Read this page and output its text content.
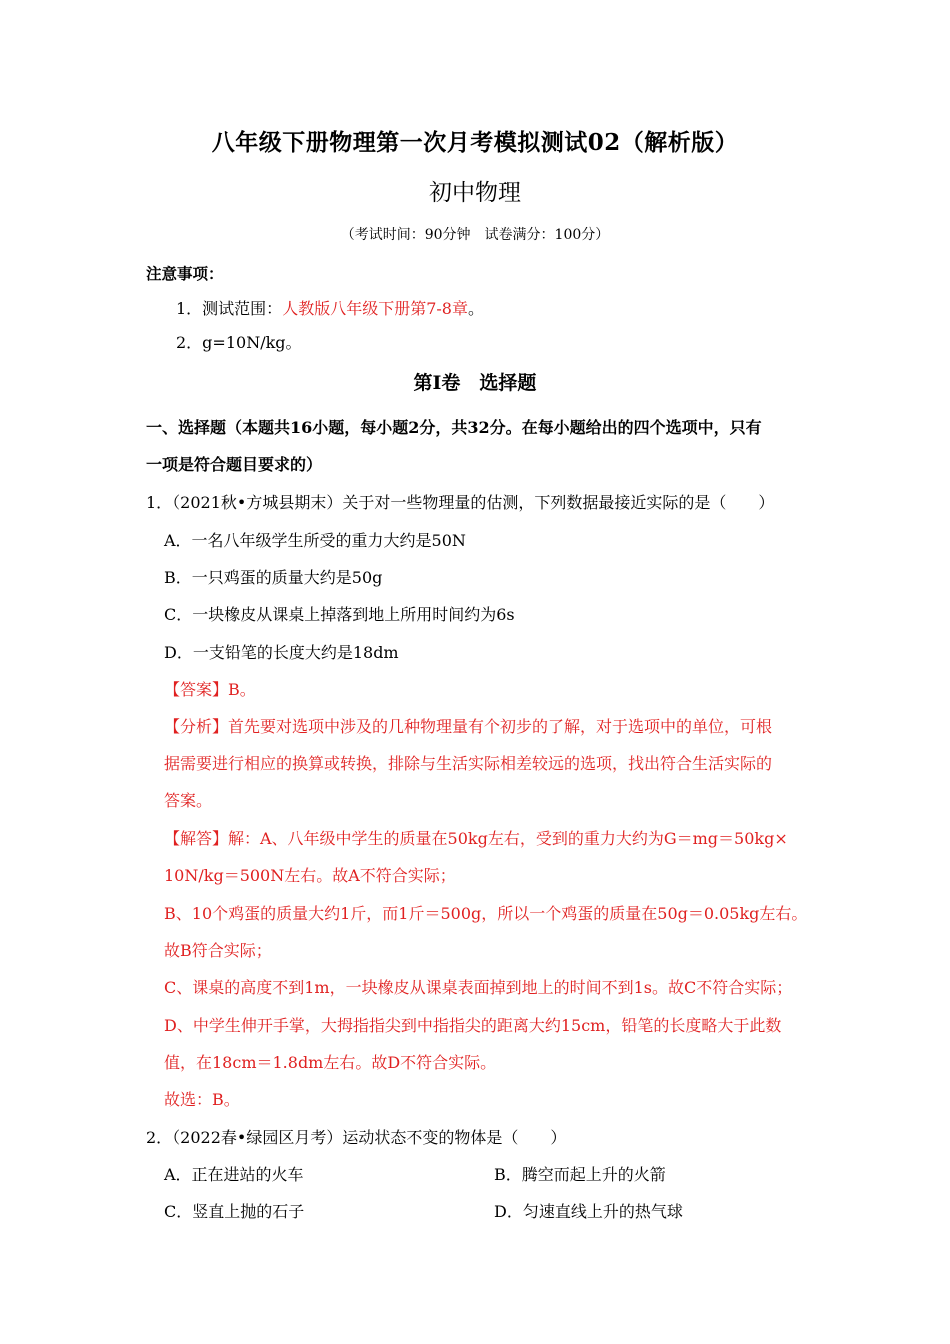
八年级下册物理第一次月考模拟测试02（解析版）
初中物理
（考试时间：90分钟　试卷满分：100分）
注意事项：
1．测试范围：人教版八年级下册第7-8章。
2．g=10N/kg。
第Ⅰ卷　选择题
一、选择题（本题共16小题，每小题2分，共32分。在每小题给出的四个选项中，只有
一项是符合题目要求的）
1．（2021秋•方城县期末）关于对一些物理量的估测，下列数据最接近实际的是（　　）
A．一名八年级学生所受的重力大约是50N
B．一只鸡蛋的质量大约是50g
C．一块橡皮从课桌上掉落到地上所用时间约为6s
D．一支铅笔的长度大约是18dm
【答案】B。
【分析】首先要对选项中涉及的几种物理量有个初步的了解，对于选项中的单位，可根
据需要进行相应的换算或转换，排除与生活实际相差较远的选项，找出符合生活实际的
答案。
【解答】解：A、八年级中学生的质量在50kg左右，受到的重力大约为G＝mg＝50kg×
10N/kg＝500N左右。故A不符合实际；
B、10个鸡蛋的质量大约1斤，而1斤＝500g，所以一个鸡蛋的质量在50g＝0.05kg左右。
故B符合实际；
C、课桌的高度不到1m，一块橡皮从课桌表面掉到地上的时间不到1s。故C不符合实际；
D、中学生伸开手掌，大拇指指尖到中指指尖的距离大约15cm，铅笔的长度略大于此数
值，在18cm＝1.8dm左右。故D不符合实际。
故选：B。
2．（2022春•绿园区月考）运动状态不变的物体是（　　）
A．正在进站的火车	B．腾空而起上升的火箭
C．竖直上抛的石子	D．匀速直线上升的热气球
